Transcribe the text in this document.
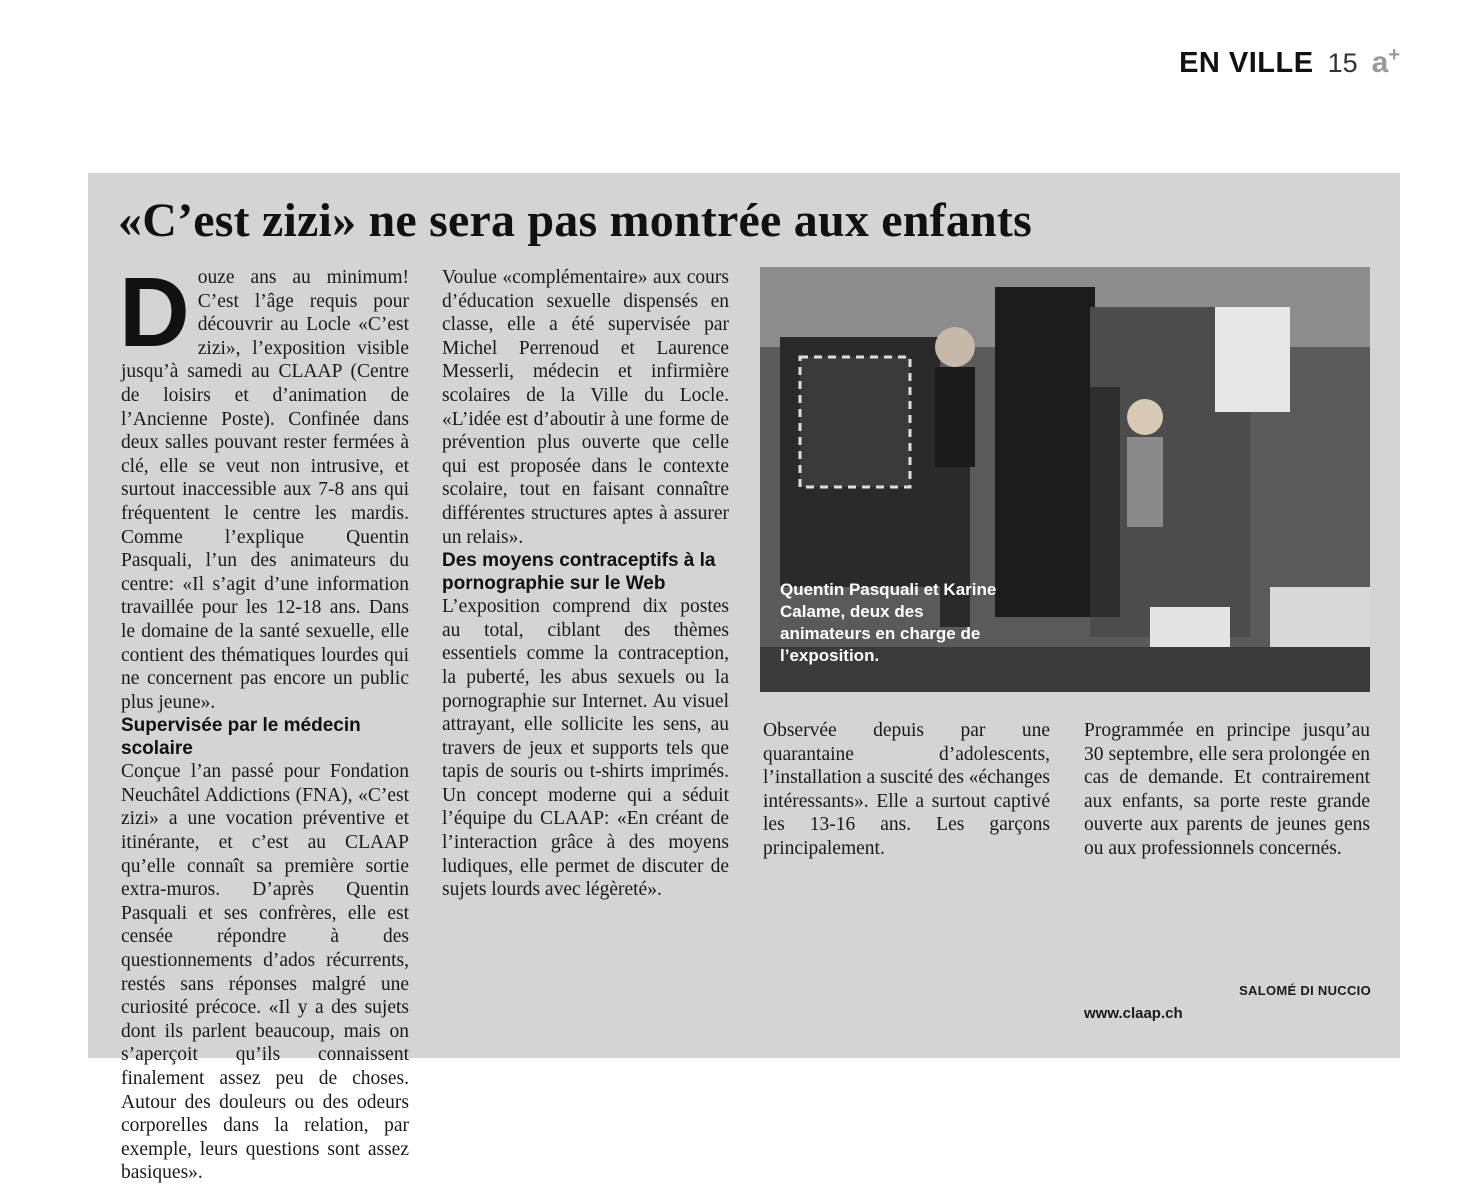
EN VILLE 15 a+
«C’est zizi» ne sera pas montrée aux enfants
D ouze ans au minimum! C’est l’âge requis pour découvrir au Locle «C’est zizi», l’exposition visible jusqu’à samedi au CLAAP (Centre de loisirs et d’animation de l’Ancienne Poste). Confinée dans deux salles pouvant rester fermées à clé, elle se veut non intrusive, et surtout inaccessible aux 7-8 ans qui fréquentent le centre les mardis. Comme l’explique Quentin Pasquali, l’un des animateurs du centre: «Il s’agit d’une information travaillée pour les 12-18 ans. Dans le domaine de la santé sexuelle, elle contient des thématiques lourdes qui ne concernent pas encore un public plus jeune».

Supervisée par le médecin scolaire

Conçue l’an passé pour Fondation Neuchâtel Addictions (FNA), «C’est zizi» a une vocation préventive et itinérante, et c’est au CLAAP qu’elle connaît sa première sortie extra-muros. D’après Quentin Pasquali et ses confrères, elle est censée répondre à des questionnements d’ados récurrents, restés sans réponses malgré une curiosité précoce. «Il y a des sujets dont ils parlent beaucoup, mais on s’aperçoit qu’ils connaissent finalement assez peu de choses. Autour des douleurs ou des odeurs corporelles dans la relation, par exemple, leurs questions sont assez basiques».

Voulue «complémentaire» aux cours d’éducation sexuelle dispensés en classe, elle a été supervisée par Michel Perrenoud et Laurence Messerli, médecin et infirmière scolaires de la Ville du Locle. «L’idée est d’aboutir à une forme de prévention plus ouverte que celle qui est proposée dans le contexte scolaire, tout en faisant connaître différentes structures aptes à assurer un relais».

Des moyens contraceptifs à la pornographie sur le Web

L’exposition comprend dix postes au total, ciblant des thèmes essentiels comme la contraception, la puberté, les abus sexuels ou la pornographie sur Internet. Au visuel attrayant, elle sollicite les sens, au travers de jeux et supports tels que tapis de souris ou t-shirts imprimés. Un concept moderne qui a séduit l’équipe du CLAAP: «En créant de l’interaction grâce à des moyens ludiques, elle permet de discuter de sujets lourds avec légèreté».

Observée depuis par une quarantaine d’adolescents, l’installation a suscité des «échanges intéressants». Elle a surtout captivé les 13-16 ans. Les garçons principalement.

Programmée en principe jusqu’au 30 septembre, elle sera prolongée en cas de demande. Et contrairement aux enfants, sa porte reste grande ouverte aux parents de jeunes gens ou aux professionnels concernés.

Quentin Pasquali et Karine Calame, deux des animateurs en charge de l’exposition.
SALOMÉ DI NUCCIO
www.claap.ch
